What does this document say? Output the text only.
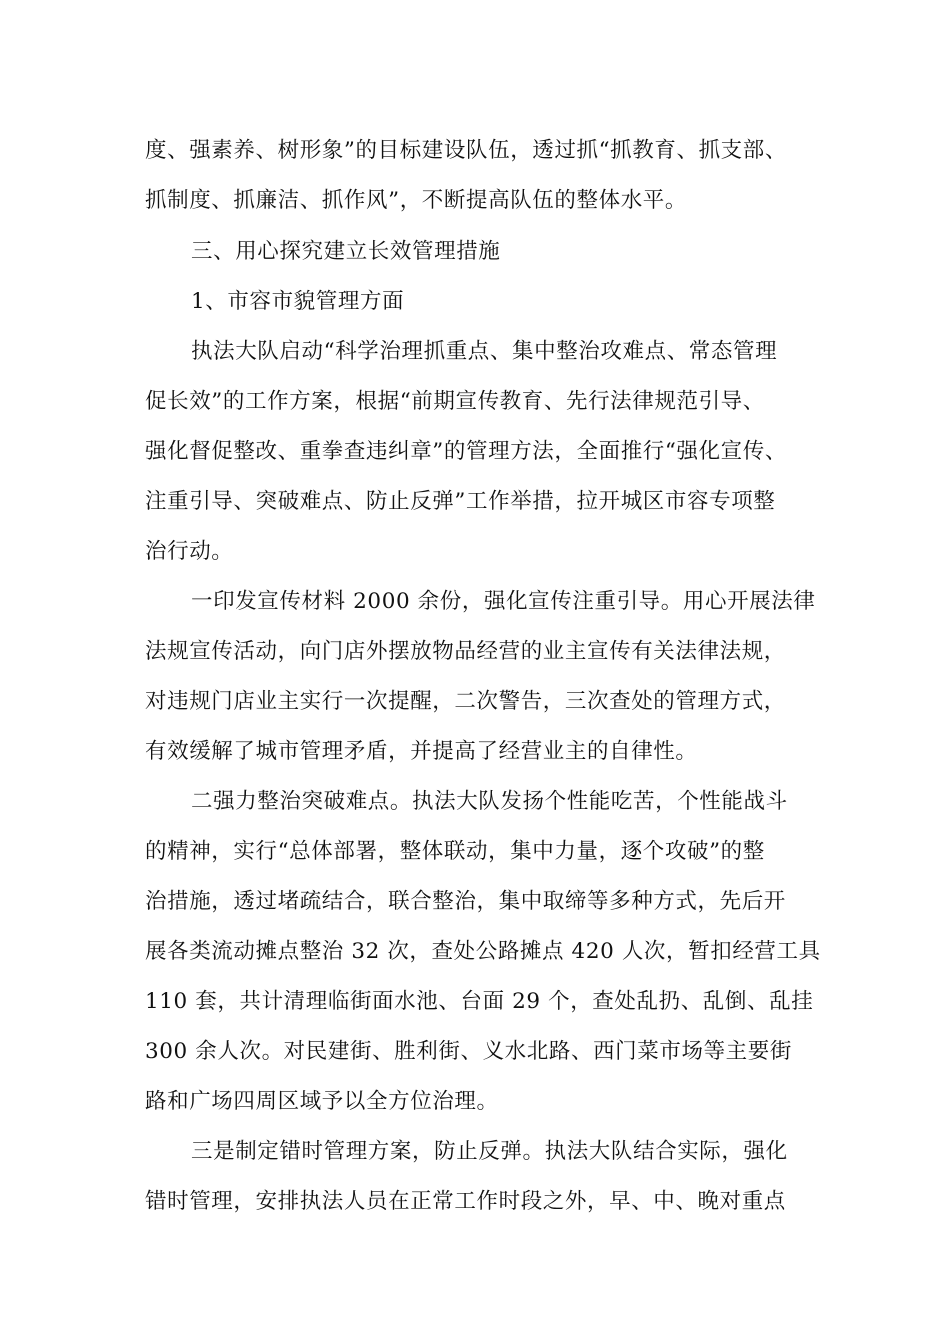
度、强素养、树形象”的目标建设队伍，透过抓“抓教育、抓支部、
抓制度、抓廉洁、抓作风”，不断提高队伍的整体水平。
三、用心探究建立长效管理措施
1、市容市貌管理方面
执法大队启动“科学治理抓重点、集中整治攻难点、常态管理
促长效”的工作方案，根据“前期宣传教育、先行法律规范引导、
强化督促整改、重拳查违纠章”的管理方法，全面推行“强化宣传、
注重引导、突破难点、防止反弹”工作举措，拉开城区市容专项整
治行动。
一印发宣传材料 2000 余份，强化宣传注重引导。用心开展法律
法规宣传活动，向门店外摆放物品经营的业主宣传有关法律法规，
对违规门店业主实行一次提醒，二次警告，三次查处的管理方式，
有效缓解了城市管理矛盾，并提高了经营业主的自律性。
二强力整治突破难点。执法大队发扬个性能吃苦，个性能战斗
的精神，实行“总体部署，整体联动，集中力量，逐个攻破”的整
治措施，透过堵疏结合，联合整治，集中取缔等多种方式，先后开
展各类流动摊点整治 32 次，查处公路摊点 420 人次，暂扣经营工具
110 套，共计清理临街面水池、台面 29 个，查处乱扔、乱倒、乱挂
300 余人次。对民建街、胜利街、义水北路、西门菜市场等主要街
路和广场四周区域予以全方位治理。
三是制定错时管理方案，防止反弹。执法大队结合实际，强化
错时管理，安排执法人员在正常工作时段之外，早、中、晚对重点
